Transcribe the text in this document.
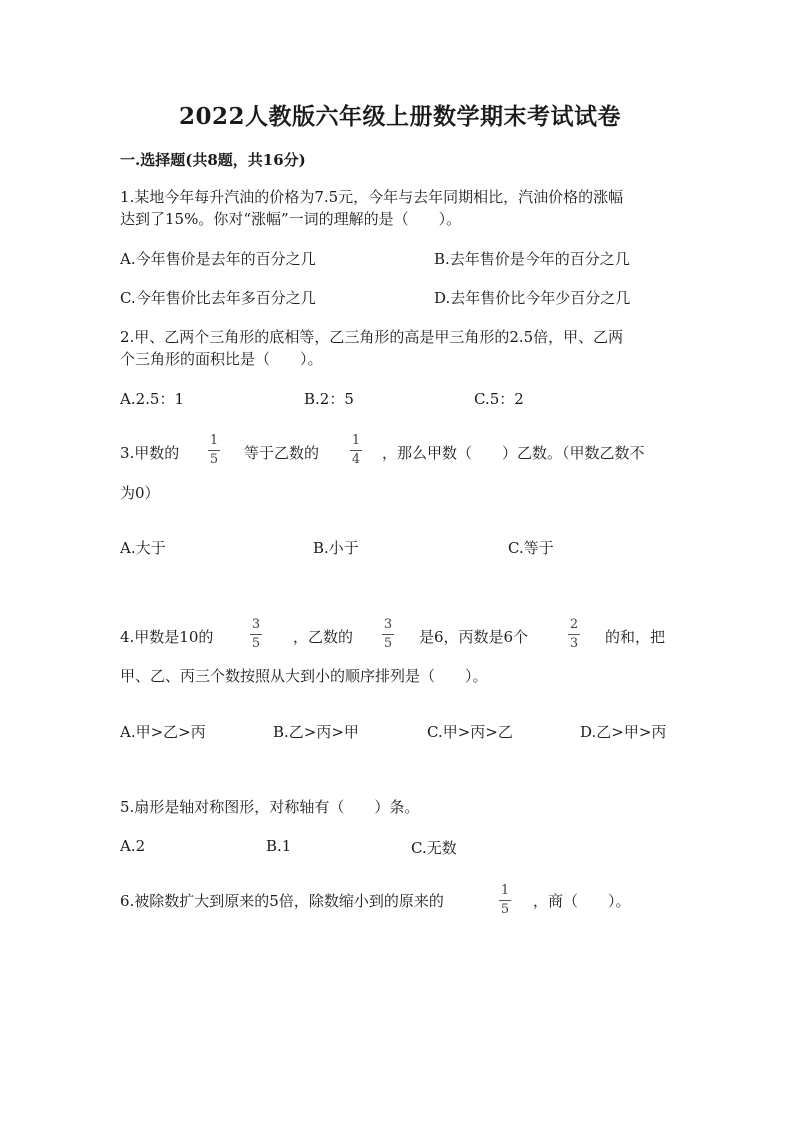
2022人教版六年级上册数学期末考试试卷
一.选择题(共8题，共16分)
1.某地今年每升汽油的价格为7.5元，今年与去年同期相比，汽油价格的涨幅
达到了15%。你对“涨幅”一词的理解的是（　　）。
A.今年售价是去年的百分之几	B.去年售价是今年的百分之几
C.今年售价比去年多百分之几	D.去年售价比今年少百分之几
2.甲、乙两个三角形的底相等，乙三角形的高是甲三角形的2.5倍，甲、乙两
个三角形的面积比是（　　）。
A.2.5：1	B.2：5	C.5：2
3.甲数的
1
5 等于乙数的
1
4 ，那么甲数（　　）乙数。（甲数乙数不
为0）
A.大于	B.小于	C.等于
4.甲数是10的
3
5 ，乙数的
3
5 是6，丙数是6个
2
3 的和，把
甲、乙、丙三个数按照从大到小的顺序排列是（　　）。
A.甲>乙>丙	B.乙>丙>甲	C.甲>丙>乙	D.乙>甲>丙
5.扇形是轴对称图形，对称轴有（　　）条。
A.2	B.1	C.无数
6.被除数扩大到原来的5倍，除数缩小到的原来的
1
5 ，商（　　）。
